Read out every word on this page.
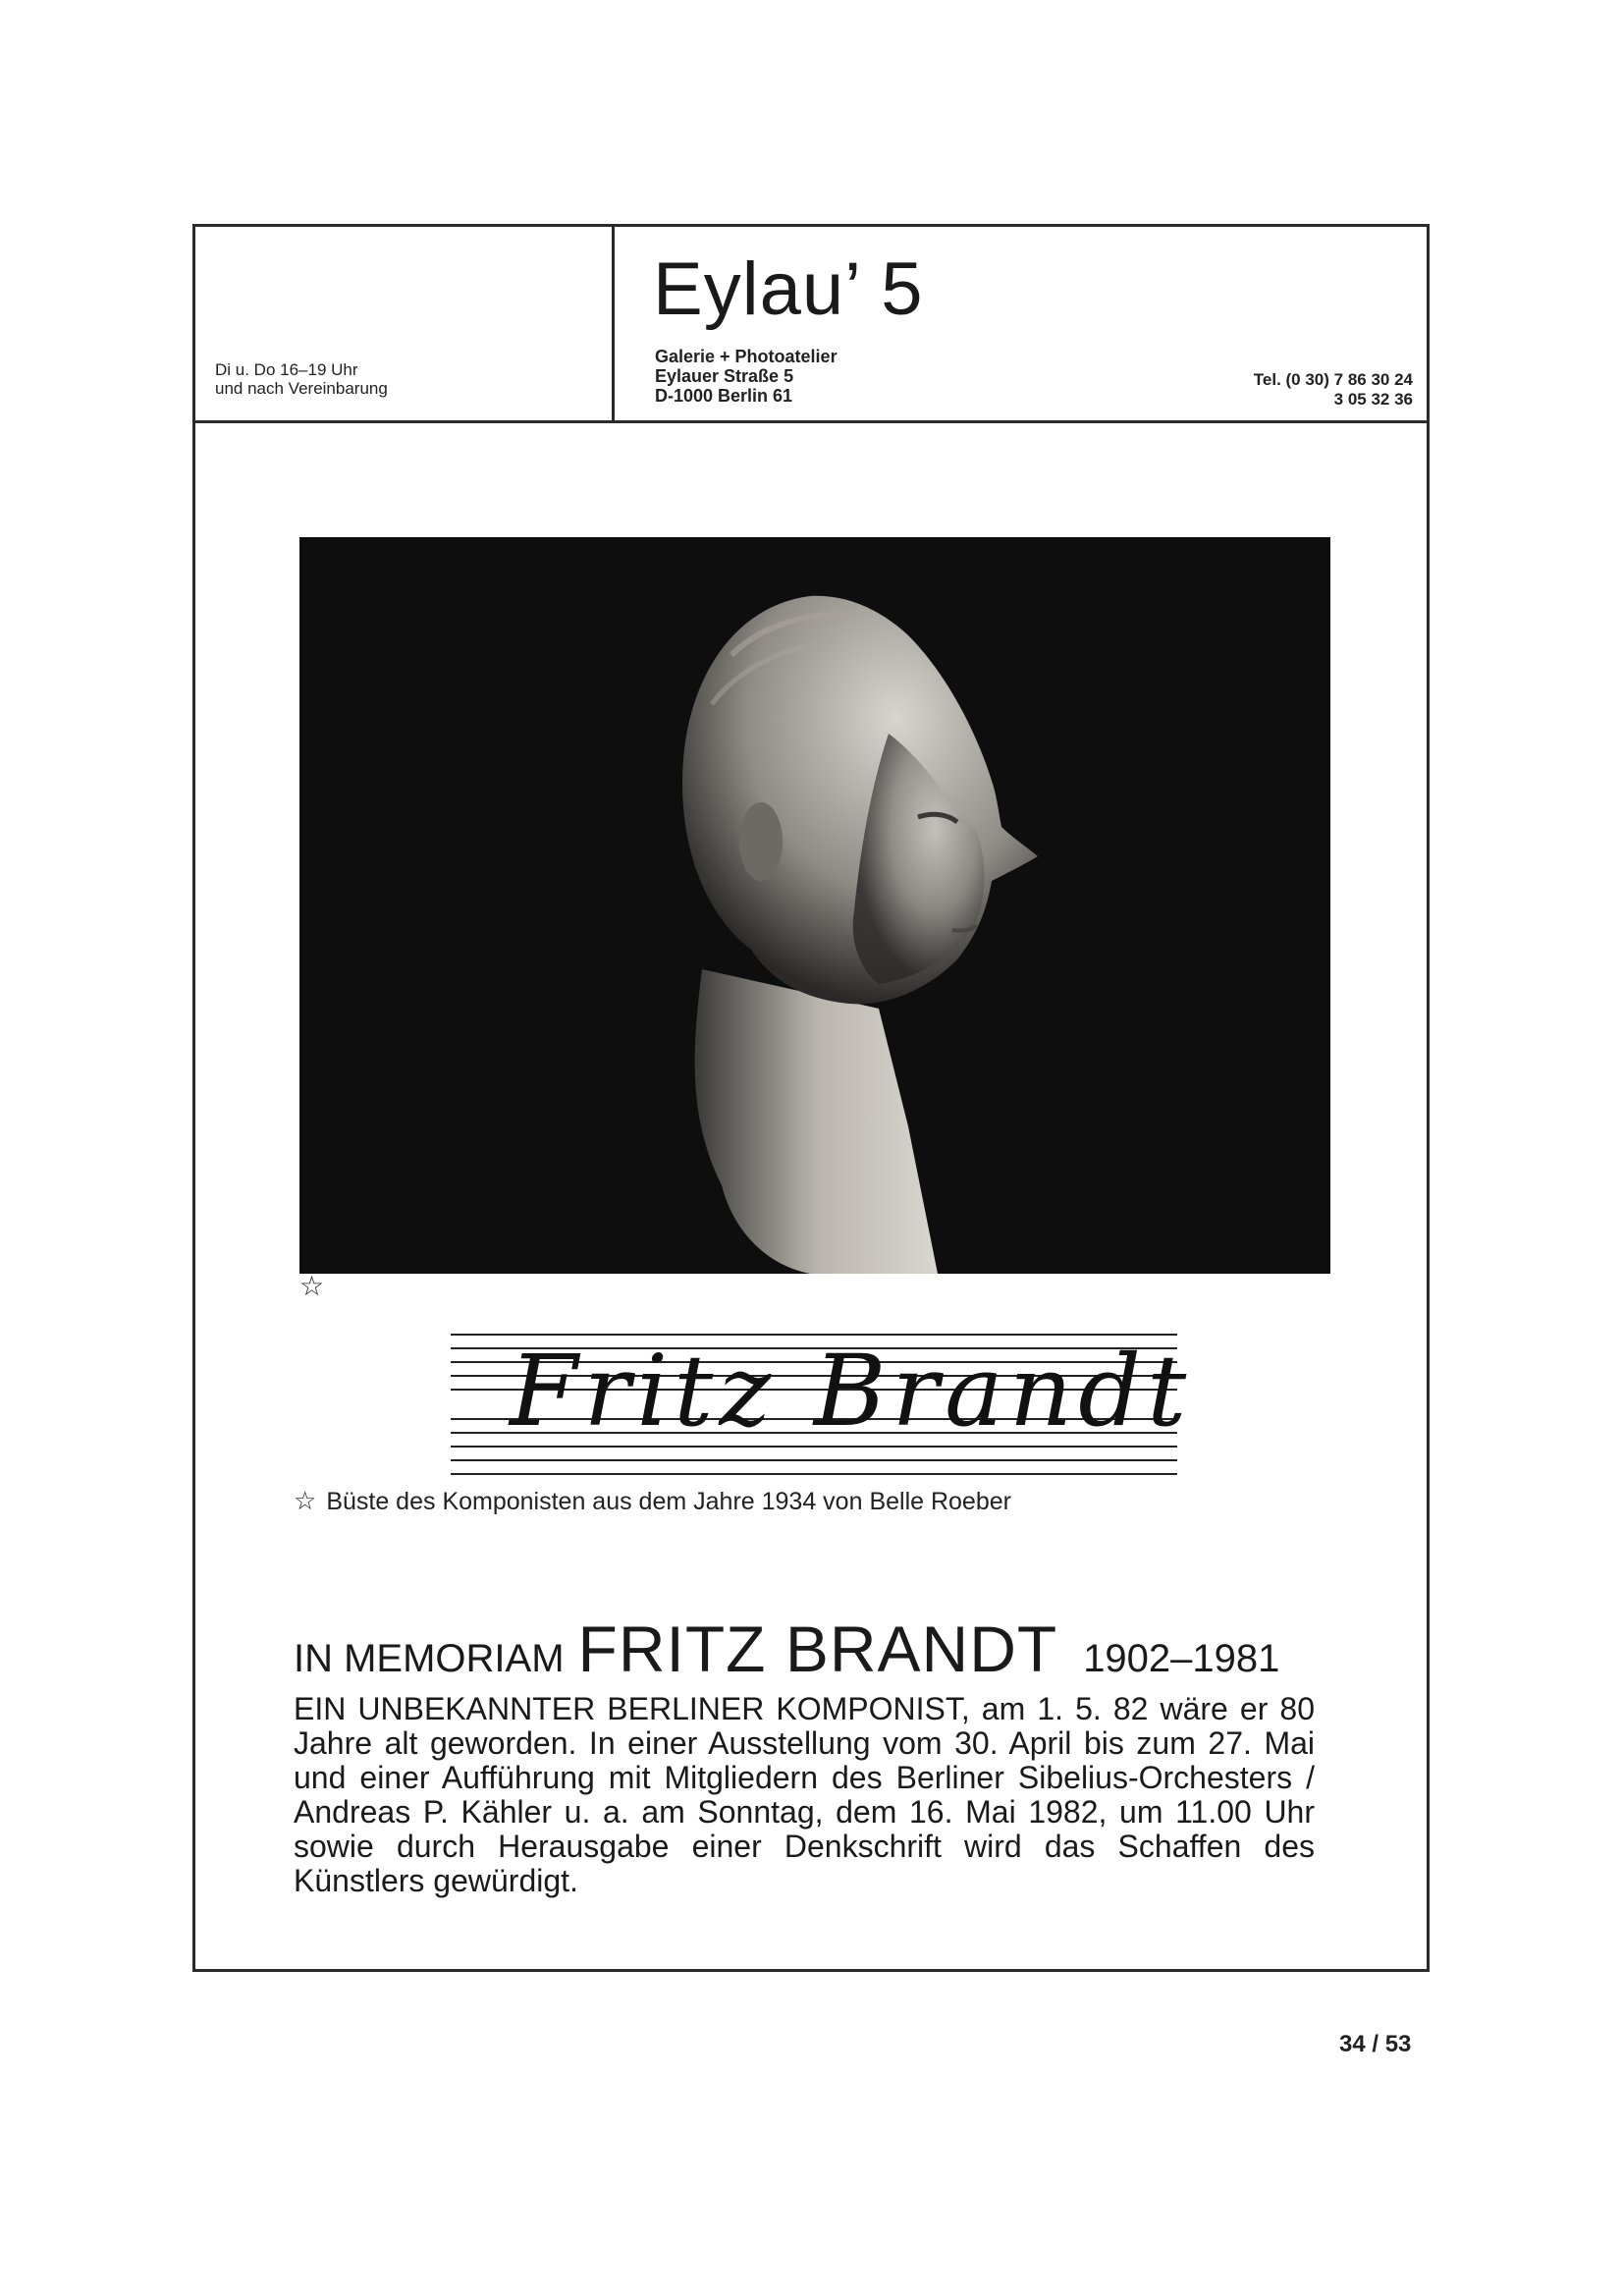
Di u. Do 16–19 Uhr
und nach Vereinbarung
Eylau’ 5
Galerie + Photoatelier
Eylauer Straße 5
D-1000 Berlin 61
Tel. (0 30) 7 86 30 24
3 05 32 36
☆
Fritz Brandt
☆ Büste des Komponisten aus dem Jahre 1934 von Belle Roeber
IN MEMORIAM FRITZ BRANDT 1902–1981
EIN UNBEKANNTER BERLINER KOMPONIST, am 1. 5. 82 wäre er 80 Jahre alt geworden. In einer Ausstellung vom 30. April bis zum 27. Mai und einer Aufführung mit Mitgliedern des Berliner Sibelius-Orchesters / Andreas P. Kähler u. a. am Sonntag, dem 16. Mai 1982, um 11.00 Uhr sowie durch Herausgabe einer Denkschrift wird das Schaffen des Künstlers gewürdigt.
34 / 53
